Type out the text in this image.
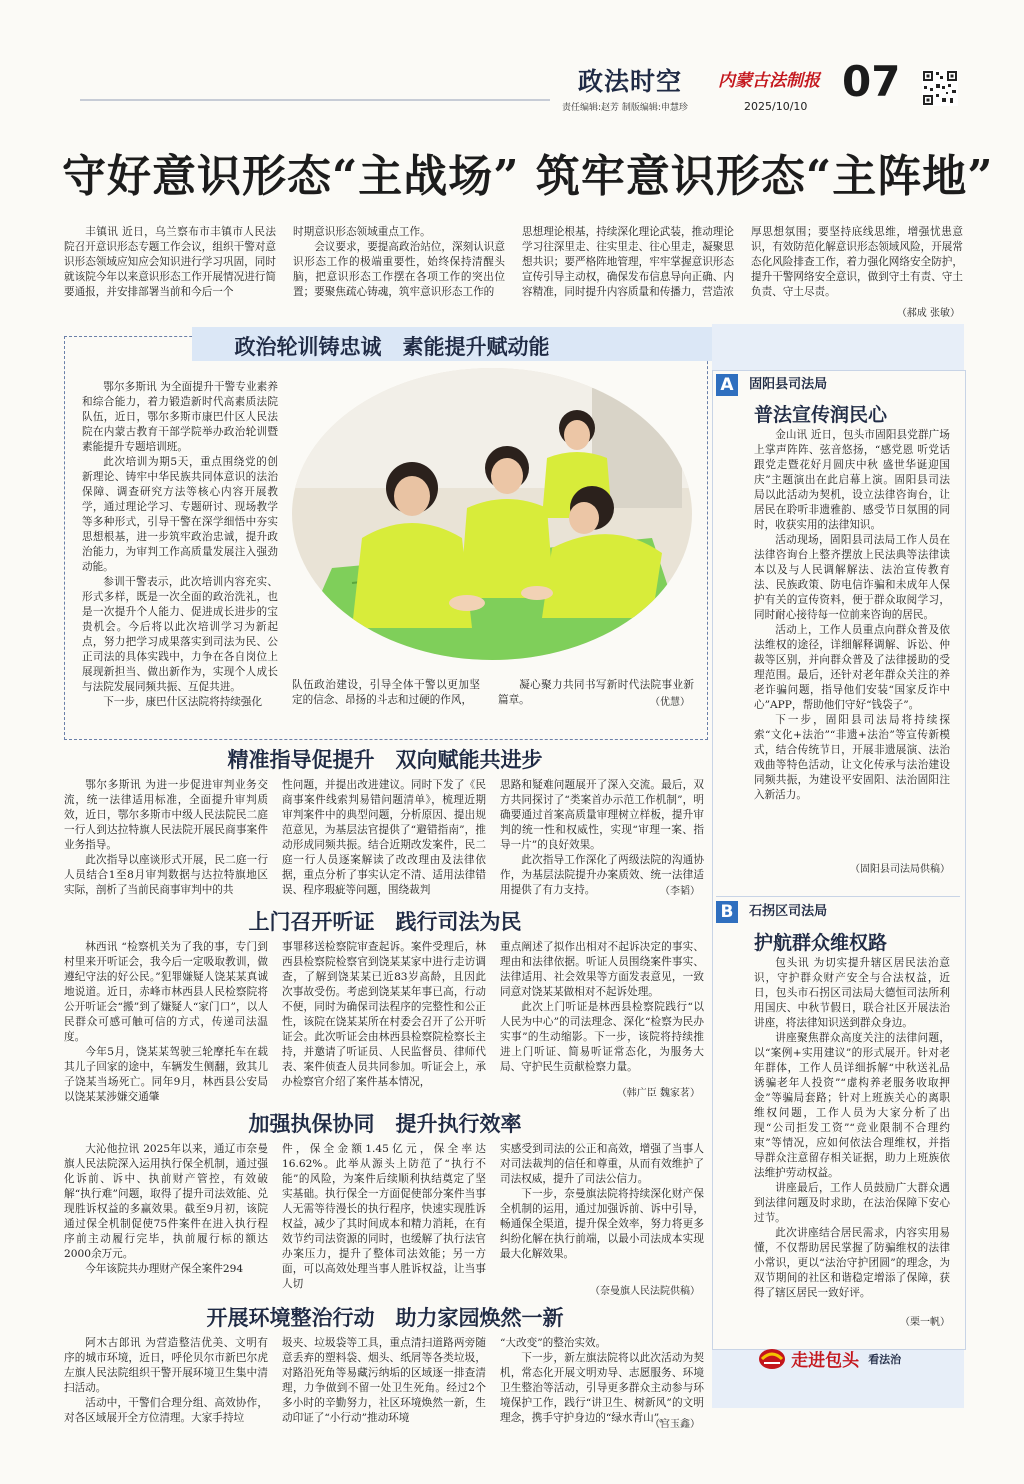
政法时空
责任编辑:赵芳 制版编辑:申慧珍
内蒙古法制报
2025/10/10
07
守好意识形态“主战场” 筑牢意识形态“主阵地”

丰镇讯 近日，乌兰察布市丰镇市人民法院召开意识形态专题工作会议，组织干警对意识形态领域应知应会知识进行学习巩固，同时就该院今年以来意识形态工作开展情况进行简要通报，并安排部署当前和今后一个

时期意识形态领域重点工作。

会议要求，要提高政治站位，深刻认识意识形态工作的极端重要性，始终保持清醒头脑，把意识形态工作摆在各项工作的突出位置；要聚焦疏心铸魂，筑牢意识形态工作的

思想理论根基，持续深化理论武装，推动理论学习往深里走、往实里走、往心里走，凝聚思想共识；要严格阵地管理，牢牢掌握意识形态宣传引导主动权，确保发布信息导向正确、内容精准，同时提升内容质量和传播力，营造浓

厚思想氛围；要坚持底线思维，增强忧患意识，有效防范化解意识形态领域风险，开展常态化风险排查工作，着力强化网络安全防护，提升干警网络安全意识，做到守土有责、守土负责、守土尽责。

（郝成 张敏）
政治轮训铸忠诚　素能提升赋动能

鄂尔多斯讯 为全面提升干警专业素养和综合能力，着力锻造新时代高素质法院队伍，近日，鄂尔多斯市康巴什区人民法院在内蒙古教育干部学院举办政治轮训暨素能提升专题培训班。

此次培训为期5天，重点围绕党的创新理论、铸牢中华民族共同体意识的法治保障、调查研究方法等核心内容开展教学，通过理论学习、专题研讨、现场教学等多种形式，引导干警在深学细悟中夯实思想根基，进一步筑牢政治忠诚，提升政治能力，为审判工作高质量发展注入强劲动能。

参训干警表示，此次培训内容充实、形式多样，既是一次全面的政治洗礼，也是一次提升个人能力、促进成长进步的宝贵机会。今后将以此次培训学习为新起点，努力把学习成果落实到司法为民、公正司法的具体实践中，力争在各自岗位上展现新担当、做出新作为，实现个人成长与法院发展同频共振、互促共进。

下一步，康巴什区法院将持续强化

队伍政治建设，引导全体干警以更加坚定的信念、昂扬的斗志和过硬的作风，

凝心聚力共同书写新时代法院事业新篇章。	（优慧）
精准指导促提升　双向赋能共进步

鄂尔多斯讯 为进一步促进审判业务交流，统一法律适用标准，全面提升审判质效，近日，鄂尔多斯市中级人民法院民二庭一行人到达拉特旗人民法院开展民商事案件业务指导。

此次指导以座谈形式开展，民二庭一行人员结合1至8月审判数据与达拉特旗地区实际，剖析了当前民商事审判中的共

性问题，并提出改进建议。同时下发了《民商事案件线索判易错问题清单》，梳理近期审判案件中的典型问题，分析原因、提出规范意见，为基层法官提供了“避错指南”，推动形成同频共振。结合近期改发案件，民二庭一行人员逐案解读了改改理由及法律依据，重点分析了事实认定不清、适用法律错误、程序瑕疵等问题，围绕裁判

思路和疑难问题展开了深入交流。最后，双方共同探讨了“类案首办示范工作机制”，明确要通过首案高质量审理树立样板，提升审判的统一性和权威性，实现“审理一案、指导一片”的良好效果。

此次指导工作深化了两级法院的沟通协作，为基层法院提升办案质效、统一法律适用提供了有力支持。	（李韬）
上门召开听证　践行司法为民

林西讯 “检察机关为了我的事，专门到村里来开听证会，我今后一定吸取教训，做遵纪守法的好公民。”犯罪嫌疑人饶某某真诚地说道。近日，赤峰市林西县人民检察院将公开听证会“搬”到了嫌疑人“家门口”，以人民群众可感可触可信的方式，传递司法温度。

今年5月，饶某某驾驶三轮摩托车在载其儿子回家的途中，车辆发生侧翻，致其儿子饶某当场死亡。同年9月，林西县公安局以饶某某涉嫌交通肇

事罪移送检察院审查起诉。案件受理后，林西县检察院检察官到饶某某家中进行走访调查，了解到饶某某已近83岁高龄，且因此次事故受伤。考虑到饶某某年事已高，行动不便，同时为确保司法程序的完整性和公正性，该院在饶某某所在村委会召开了公开听证会。此次听证会由林西县检察院检察长主持，并邀请了听证员、人民监督员、律师代表、案件侦查人员共同参加。听证会上，承办检察官介绍了案件基本情况，

重点阐述了拟作出相对不起诉决定的事实、理由和法律依据。听证人员围绕案件事实、法律适用、社会效果等方面发表意见，一致同意对饶某某做相对不起诉处理。

此次上门听证是林西县检察院践行“以人民为中心”的司法理念、深化“检察为民办实事”的生动缩影。下一步，该院将持续推进上门听证、简易听证常态化，为服务大局、守护民生贡献检察力量。

（韩广臣 魏家茗）
加强执保协同　提升执行效率

大沁他拉讯 2025年以来，通辽市奈曼旗人民法院深入运用执行保全机制，通过强化诉前、诉中、执前财产管控，有效破解“执行难”问题，取得了提升司法效能、兑现胜诉权益的多赢效果。截至9月初，该院通过保全机制促使75件案件在进入执行程序前主动履行完毕，执前履行标的额达2000余万元。

今年该院共办理财产保全案件294

件，保全金额1.45亿元，保全率达16.62%。此举从源头上防范了“执行不能”的风险，为案件后续顺利执结奠定了坚实基础。执行保全一方面促使部分案件当事人无需等待漫长的执行程序，快速实现胜诉权益，减少了其时间成本和精力消耗，在有效节约司法资源的同时，也缓解了执行法官办案压力，提升了整体司法效能；另一方面，可以高效处理当事人胜诉权益，让当事人切

实感受到司法的公正和高效，增强了当事人对司法裁判的信任和尊重，从而有效维护了司法权威，提升了司法公信力。

下一步，奈曼旗法院将持续深化财产保全机制的运用，通过加强诉前、诉中引导，畅通保全渠道，提升保全效率，努力将更多纠纷化解在执行前端，以最小司法成本实现最大化解效果。

（奈曼旗人民法院供稿）
开展环境整治行动　助力家园焕然一新

阿木古郎讯 为营造整洁优美、文明有序的城市环境，近日，呼伦贝尔市新巴尔虎左旗人民法院组织干警开展环境卫生集中清扫活动。

活动中，干警们合理分组、高效协作，对各区域展开全方位清理。大家手持垃

圾夹、垃圾袋等工具，重点清扫道路两旁随意丢弃的塑料袋、烟头、纸屑等各类垃圾，对路沿死角等易藏污纳垢的区域逐一排查清理，力争做到不留一处卫生死角。经过2个多小时的辛勤努力，社区环境焕然一新，生动印证了“小行动”推动环境

“大改变”的整治实效。

下一步，新左旗法院将以此次活动为契机，常态化开展文明劝导、志愿服务、环境卫生整治等活动，引导更多群众主动参与环境保护工作，践行“讲卫生、树新风”的文明理念，携手守护身边的“绿水青山”。

（宫玉鑫）
A $^{固阳县司法局}$
普法宣传润民心

金山讯 近日，包头市固阳县党群广场上掌声阵阵、弦音悠扬，“感党恩 听党话 跟党走暨花好月圆庆中秋 盛世华诞迎国庆”主题演出在此启幕上演。固阳县司法局以此活动为契机，设立法律咨询台，让居民在聆听非遗雅韵、感受节日氛围的同时，收获实用的法律知识。

活动现场，固阳县司法局工作人员在法律咨询台上整齐摆放上民法典等法律读本以及与人民调解解法、法治宣传教育法、民族政策、防电信诈骗和未成年人保护有关的宣传资料，便于群众取阅学习，同时耐心接待每一位前来咨询的居民。

活动上，工作人员重点向群众普及依法维权的途径，详细解释调解、诉讼、仲裁等区别，并向群众普及了法律援助的受理范围。最后，还针对老年群众关注的养老诈骗问题，指导他们安装“国家反诈中心”APP，帮助他们守好“钱袋子”。

下一步，固阳县司法局将持续探索“文化+法治”“非遗+法治”等宣传新模式，结合传统节日，开展非遗展演、法治戏曲等特色活动，让文化传承与法治建设同频共振，为建设平安固阳、法治固阳注入新活力。

（固阳县司法局供稿）
B $^{石拐区司法局}$
护航群众维权路

包头讯 为切实提升辖区居民法治意识，守护群众财产安全与合法权益，近日，包头市石拐区司法局大德恒司法所利用国庆、中秋节假日，联合社区开展法治讲座，将法律知识送到群众身边。

讲座聚焦群众高度关注的法律问题，以“案例+实用建议”的形式展开。针对老年群体，工作人员详细拆解“中秋送礼品诱骗老年人投资”“虚构养老服务收取押金”等骗局套路；针对上班族关心的离职维权问题，工作人员为大家分析了出现“公司拒发工资”“竞业限制不合理约束”等情况，应如何依法合理维权，并指导群众注意留存相关证据，助力上班族依法维护劳动权益。

讲座最后，工作人员鼓励广大群众遇到法律问题及时求助，在法治保障下安心过节。

此次讲座结合居民需求，内容实用易懂，不仅帮助居民掌握了防骗维权的法律小常识，更以“法治守护团圆”的理念，为双节期间的社区和谐稳定增添了保障，获得了辖区居民一致好评。

（栗一帆）
走进包头 看法治
